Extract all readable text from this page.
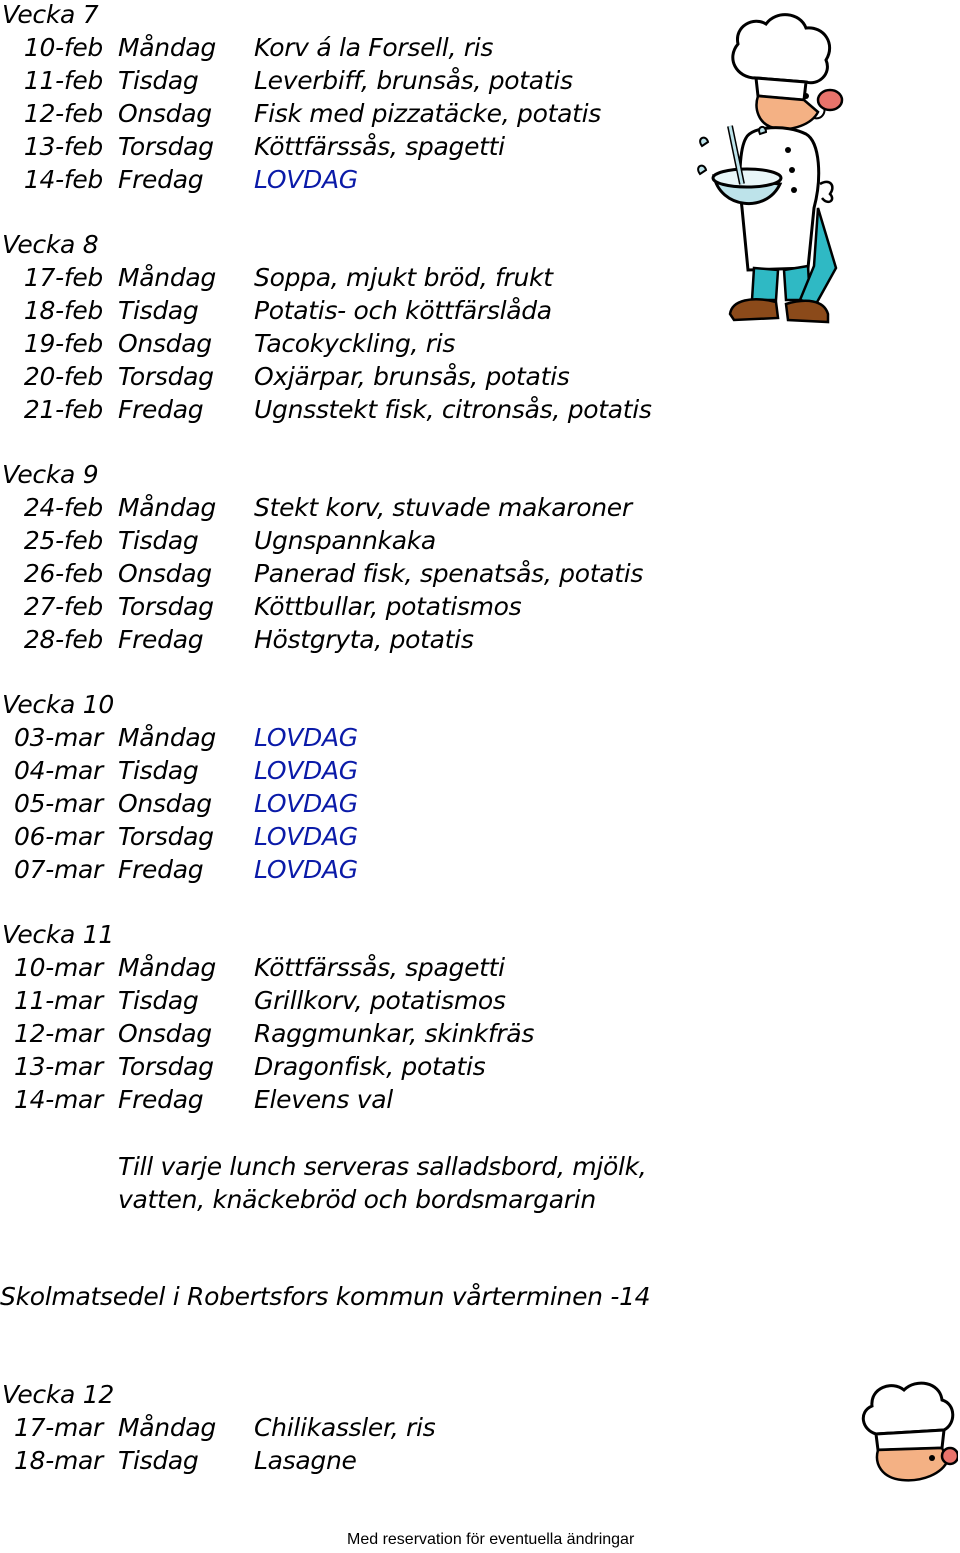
Vecka 7
10-feb Måndag Korv á la Forsell, ris
11-feb Tisdag Leverbiff, brunsås, potatis
12-feb Onsdag Fisk med pizzatäcke, potatis
13-feb Torsdag Köttfärssås, spagetti
14-feb Fredag LOVDAG
Vecka 8
17-feb Måndag Soppa, mjukt bröd, frukt
18-feb Tisdag Potatis- och köttfärslåda
19-feb Onsdag Tacokyckling, ris
20-feb Torsdag Oxjärpar, brunsås, potatis
21-feb Fredag Ugnsstekt fisk, citronsås, potatis
Vecka 9
24-feb Måndag Stekt korv, stuvade makaroner
25-feb Tisdag Ugnspannkaka
26-feb Onsdag Panerad fisk, spenatsås, potatis
27-feb Torsdag Köttbullar, potatismos
28-feb Fredag Höstgryta, potatis
Vecka 10
03-mar Måndag LOVDAG
04-mar Tisdag LOVDAG
05-mar Onsdag LOVDAG
06-mar Torsdag LOVDAG
07-mar Fredag LOVDAG
Vecka 11
10-mar Måndag Köttfärssås, spagetti
11-mar Tisdag Grillkorv, potatismos
12-mar Onsdag Raggmunkar, skinkfräs
13-mar Torsdag Dragonfisk, potatis
14-mar Fredag Elevens val
Vecka 12
17-mar Måndag Chilikassler, ris
18-mar Tisdag Lasagne
Till varje lunch serveras salladsbord, mjölk,
vatten, knäckebröd och bordsmargarin
Skolmatsedel i Robertsfors kommun vårterminen -14
Med reservation för eventuella ändringar
